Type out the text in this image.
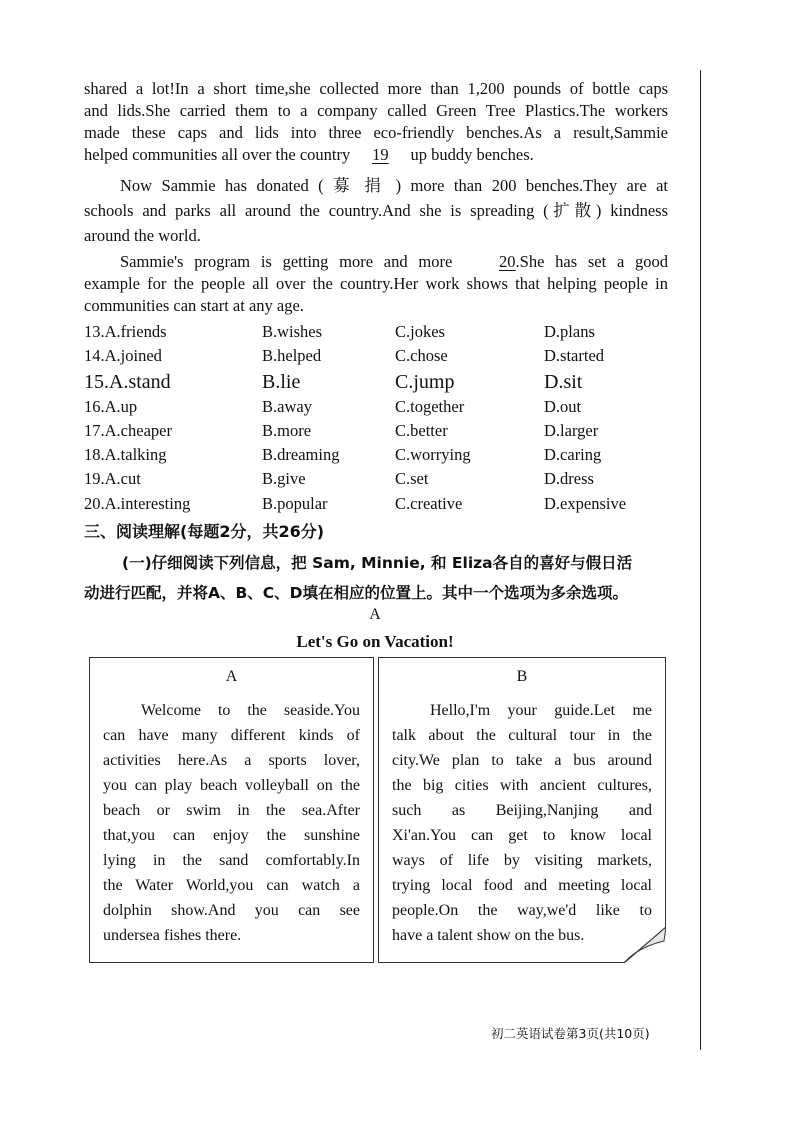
shared a lot!In a short time,she collected more than 1,200 pounds of bottle caps
and lids.She carried them to a company called Green Tree Plastics.The workers
made these caps and lids into three eco-friendly benches.As a result,Sammie
helped communities all over the country 19 up buddy benches.
Now Sammie has donated ( 募 捐 ) more than 200 benches.They are at
schools and parks all around the country.And she is spreading (扩散) kindness
around the world.
Sammie's program is getting more and more	20.She has set a good
example for the people all over the country.Her work shows that helping people in
communities can start at any age.
13.A.friends	B.wishes	C.jokes	D.plans
14.A.joined	B.helped	C.chose	D.started
15.A.stand	B.lie	C.jump	D.sit
16.A.up	B.away	C.together	D.out
17.A.cheaper	B.more	C.better	D.larger
18.A.talking	B.dreaming	C.worrying	D.caring
19.A.cut	B.give	C.set	D.dress
20.A.interesting	B.popular	C.creative	D.expensive
三、阅读理解(每题2分，共26分)
(一)仔细阅读下列信息，把 Sam, Minnie, 和 Eliza各自的喜好与假日活
动进行匹配，并将A、B、C、D填在相应的位置上。其中一个选项为多余选项。
A
Let's Go on Vacation!
A
Welcome to the seaside.You
can have many different kinds of
activities here.As a sports lover,
you can play beach volleyball on the
beach or swim in the sea.After
that,you can enjoy the sunshine
lying in the sand comfortably.In
the Water World,you can watch a
dolphin show.And you can see
undersea fishes there.
B
Hello,I'm your guide.Let me
talk about the cultural tour in the
city.We plan to take a bus around
the big cities with ancient cultures,
such as Beijing,Nanjing and
Xi'an.You can get to know local
ways of life by visiting markets,
trying local food and meeting local
people.On the way,we'd like to
have a talent show on the bus.
初二英语试卷第3页(共10页)
